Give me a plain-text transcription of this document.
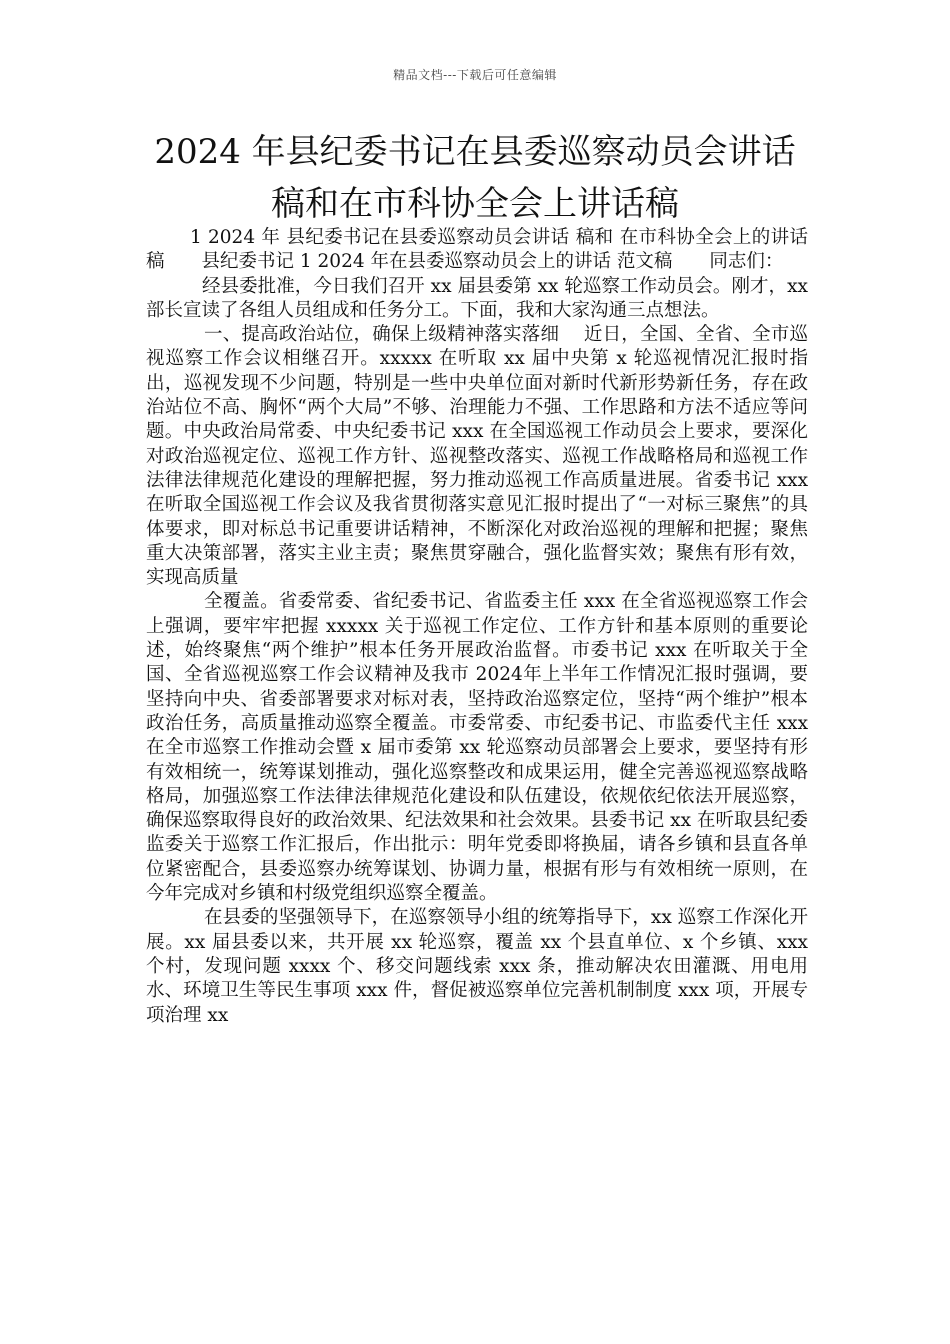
精品文档---下载后可任意编辑
2024 年县纪委书记在县委巡察动员会讲话
稿和在市科协全会上讲话稿

1 2024 年 县纪委书记在县委巡察动员会讲话 稿和 在市科协全会上的讲话 稿　　县纪委书记 1 2024 年在县委巡察动员会上的讲话 范文稿　　同志们：

经县委批准，今日我们召开 xx 届县委第 xx 轮巡察工作动员会。刚才，xx 部长宣读了各组人员组成和任务分工。下面，我和大家沟通三点想法。

一、提高政治站位，确保上级精神落实落细　 近日，全国、全省、全市巡视巡察工作会议相继召开。xxxxx 在听取 xx 届中央第 x 轮巡视情况汇报时指出，巡视发现不少问题，特别是一些中央单位面对新时代新形势新任务，存在政治站位不高、胸怀“两个大局”不够、治理能力不强、工作思路和方法不适应等问题。中央政治局常委、中央纪委书记 xxx 在全国巡视工作动员会上要求，要深化对政治巡视定位、巡视工作方针、巡视整改落实、巡视工作战略格局和巡视工作法律法律规范化建设的理解把握，努力推动巡视工作高质量进展。省委书记 xxx 在听取全国巡视工作会议及我省贯彻落实意见汇报时提出了“一对标三聚焦”的具体要求，即对标总书记重要讲话精神，不断深化对政治巡视的理解和把握；聚焦重大决策部署，落实主业主责；聚焦贯穿融合，强化监督实效；聚焦有形有效，实现高质量

全覆盖。省委常委、省纪委书记、省监委主任 xxx 在全省巡视巡察工作会上强调，要牢牢把握 xxxxx 关于巡视工作定位、工作方针和基本原则的重要论述，始终聚焦“两个维护”根本任务开展政治监督。市委书记 xxx 在听取关于全国、全省巡视巡察工作会议精神及我市 2024年上半年工作情况汇报时强调，要坚持向中央、省委部署要求对标对表，坚持政治巡察定位，坚持“两个维护”根本政治任务，高质量推动巡察全覆盖。市委常委、市纪委书记、市监委代主任 xxx 在全市巡察工作推动会暨 x 届市委第 xx 轮巡察动员部署会上要求，要坚持有形有效相统一，统筹谋划推动，强化巡察整改和成果运用，健全完善巡视巡察战略格局，加强巡察工作法律法律规范化建设和队伍建设，依规依纪依法开展巡察，确保巡察取得良好的政治效果、纪法效果和社会效果。县委书记 xx 在听取县纪委监委关于巡察工作汇报后，作出批示：明年党委即将换届，请各乡镇和县直各单位紧密配合，县委巡察办统筹谋划、协调力量，根据有形与有效相统一原则，在今年完成对乡镇和村级党组织巡察全覆盖。

在县委的坚强领导下，在巡察领导小组的统筹指导下，xx 巡察工作深化开展。xx 届县委以来，共开展 xx 轮巡察，覆盖 xx 个县直单位、x 个乡镇、xxx 个村，发现问题 xxxx 个、移交问题线索 xxx 条，推动解决农田灌溉、用电用水、环境卫生等民生事项 xxx 件，督促被巡察单位完善机制制度 xxx 项，开展专项治理 xx
